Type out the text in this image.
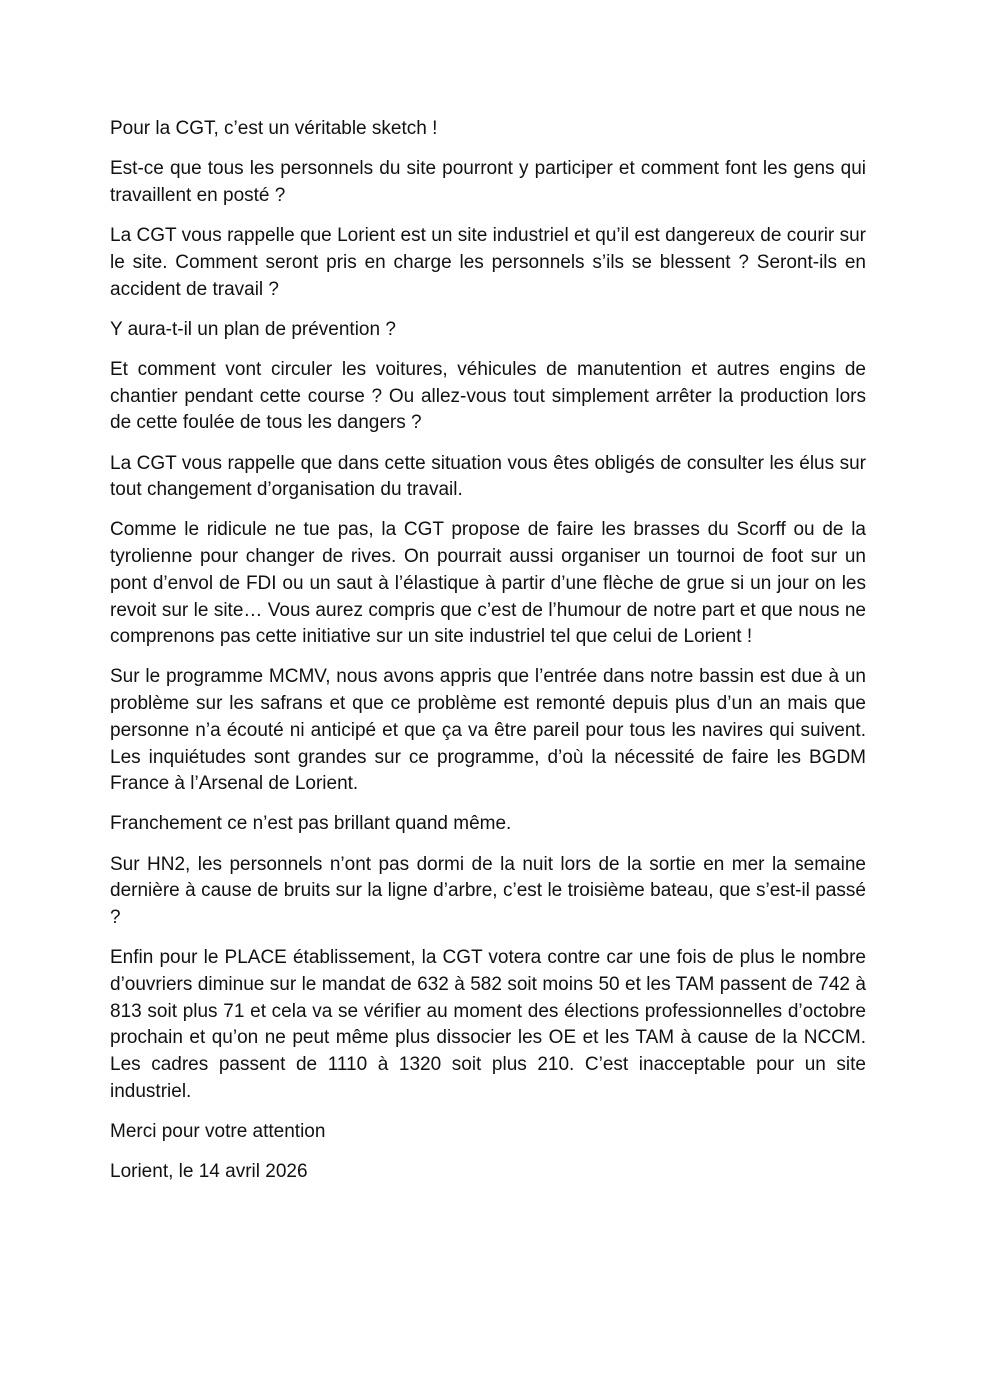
Pour la CGT, c’est un véritable sketch !

Est-ce que tous les personnels du site pourront y participer et comment font les gens qui travaillent en posté ?

La CGT vous rappelle que Lorient est un site industriel et qu’il est dangereux de courir sur le site. Comment seront pris en charge les personnels s’ils se blessent ? Seront-ils en accident de travail ?

Y aura-t-il un plan de prévention ?

Et comment vont circuler les voitures, véhicules de manutention et autres engins de chantier pendant cette course ? Ou allez-vous tout simplement arrêter la production lors de cette foulée de tous les dangers ?

La CGT vous rappelle que dans cette situation vous êtes obligés de consulter les élus sur tout changement d’organisation du travail.

Comme le ridicule ne tue pas, la CGT propose de faire les brasses du Scorff ou de la tyrolienne pour changer de rives. On pourrait aussi organiser un tournoi de foot sur un pont d’envol de FDI ou un saut à l’élastique à partir d’une flèche de grue si un jour on les revoit sur le site… Vous aurez compris que c’est de l’humour de notre part et que nous ne comprenons pas cette initiative sur un site industriel tel que celui de Lorient !

Sur le programme MCMV, nous avons appris que l’entrée dans notre bassin est due à un problème sur les safrans et que ce problème est remonté depuis plus d’un an mais que personne n’a écouté ni anticipé et que ça va être pareil pour tous les navires qui suivent. Les inquiétudes sont grandes sur ce programme, d’où la nécessité de faire les BGDM France à l’Arsenal de Lorient.

Franchement ce n’est pas brillant quand même.

Sur HN2, les personnels n’ont pas dormi de la nuit lors de la sortie en mer la semaine dernière à cause de bruits sur la ligne d’arbre, c’est le troisième bateau, que s’est-il passé ?

Enfin pour le PLACE établissement, la CGT votera contre car une fois de plus le nombre d’ouvriers diminue sur le mandat de 632 à 582 soit moins 50 et les TAM passent de 742 à 813 soit plus 71 et cela va se vérifier au moment des élections professionnelles d’octobre prochain et qu’on ne peut même plus dissocier les OE et les TAM à cause de la NCCM. Les cadres passent de 1110 à 1320 soit plus 210. C’est inacceptable pour un site industriel.

Merci pour votre attention

Lorient, le 14 avril 2026
